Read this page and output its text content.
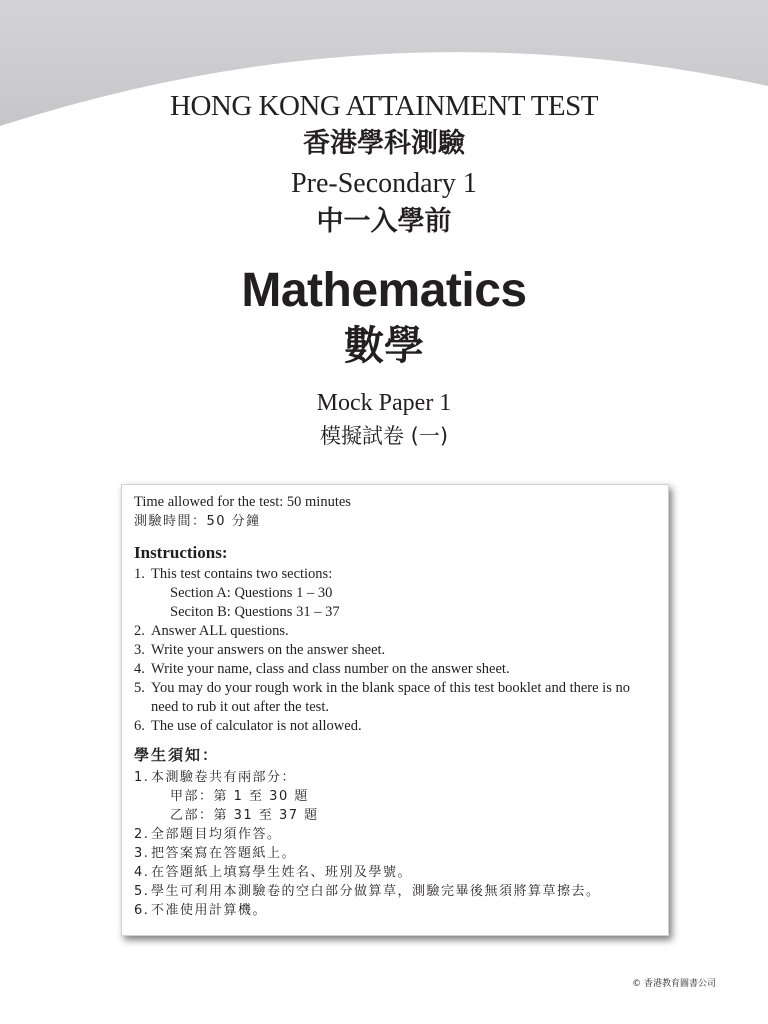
HONG KONG ATTAINMENT TEST
香港學科測驗
Pre-Secondary 1
中一入學前
Mathematics
數學
Mock Paper 1
模擬試卷 (一)
Time allowed for the test: 50 minutes
測驗時間：50 分鐘
Instructions:
1. This test contains two sections:
Section A: Questions 1 – 30
Seciton B: Questions 31 – 37
2. Answer ALL questions.
3. Write your answers on the answer sheet.
4. Write your name, class and class number on the answer sheet.
5. You may do your rough work in the blank space of this test booklet and there is no need to rub it out after the test.
6. The use of calculator is not allowed.
學生須知：
1. 本測驗卷共有兩部分：
甲部：第 1 至 30 題
乙部：第 31 至 37 題
2. 全部題目均須作答。
3. 把答案寫在答題紙上。
4. 在答題紙上填寫學生姓名、班別及學號。
5. 學生可利用本測驗卷的空白部分做算草，測驗完畢後無須將算草擦去。
6. 不准使用計算機。
© 香港教育圖書公司
